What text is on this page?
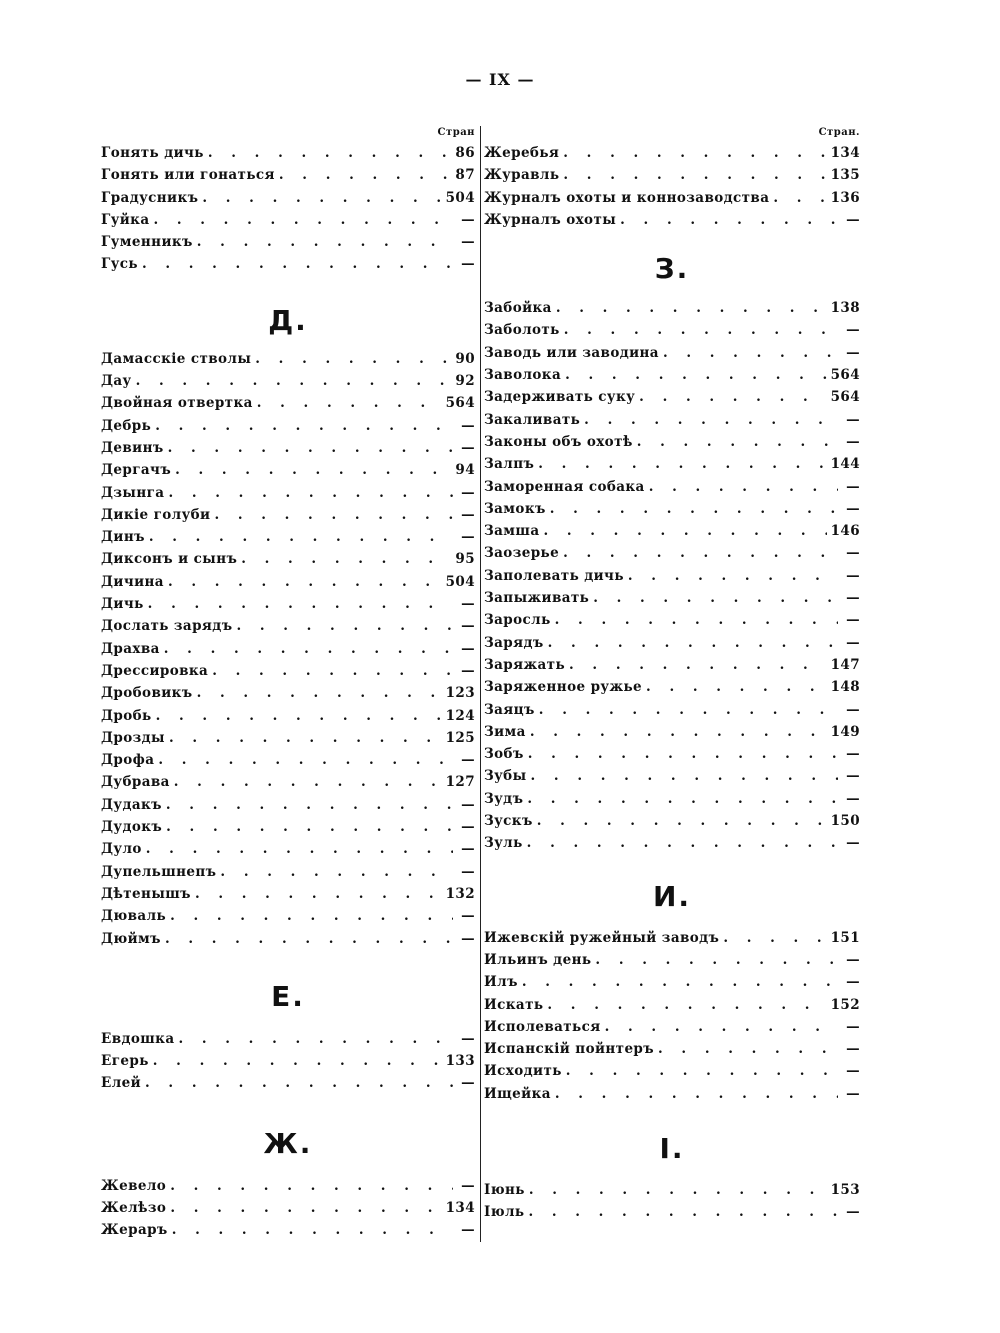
— IX —
Стран
Гонять дичь . . .	86
Гонять или гонаться . . .	87
Градусникъ . . .	504
Гуйка . . .	—
Гуменникъ . . .	—
Гусь . . .	—
Д.
Дамасскіе стволы . . .	90
Дау . . .	92
Двойная отвертка . . .	564
Дебрь . . .	—
Девинъ . . .	—
Дергачъ . . .	94
Дзынга . . .	—
Дикіе голуби . . .	—
Динъ . . .	—
Диксонъ и сынъ . . .	95
Дичина . . .	504
Дичь . . .	—
Дослать зарядъ . . .	—
Драхва . . .	—
Дрессировка . . .	—
Дробовикъ . . .	123
Дробь . . .	124
Дрозды . . .	125
Дрофа . . .	—
Дубрава . . .	127
Дудакъ . . .	—
Дудокъ . . .	—
Дуло . . .	—
Дупельшнепъ . . .	—
Дѣтенышъ . . .	132
Дюваль . . .	—
Дюймъ . . .	—
Е.
Евдошка . . .	—
Егерь . . .	133
Елей . . .	—
Ж.
Жевело . . .	—
Желѣзо . . .	134
Жераръ . . .	—
Стран.
Жеребья . . .	134
Журавль . . .	135
Журналъ охоты и коннозаводства . . .	136
Журналъ охоты . . .	—
З.
Забойка . . .	138
Заболоть . . .	—
Заводь или заводина . . .	—
Заволока . . .	564
Задерживать суку . . .	564
Закаливать . . .	—
Законы объ охотѣ . . .	—
Залпъ . . .	144
Заморенная собака . . .	—
Замокъ . . .	—
Замша . . .	146
Заозерье . . .	—
Заполевать дичь . . .	—
Запыживать . . .	—
Заросль . . .	—
Зарядъ . . .	—
Заряжать . . .	147
Заряженное ружье . . .	148
Заяцъ . . .	—
Зима . . .	149
Зобъ . . .	—
Зубы . . .	—
Зудъ . . .	—
Зускъ . . .	150
Зуль . . .	—
И.
Ижевскій ружейный заводъ . . .	151
Ильинъ день . . .	—
Илъ . . .	—
Искать . . .	152
Исполеваться . . .	—
Испанскій пойнтеръ . . .	—
Исходить . . .	—
Ищейка . . .	—
І.
Іюнь . . .	153
Іюль . . .	—
